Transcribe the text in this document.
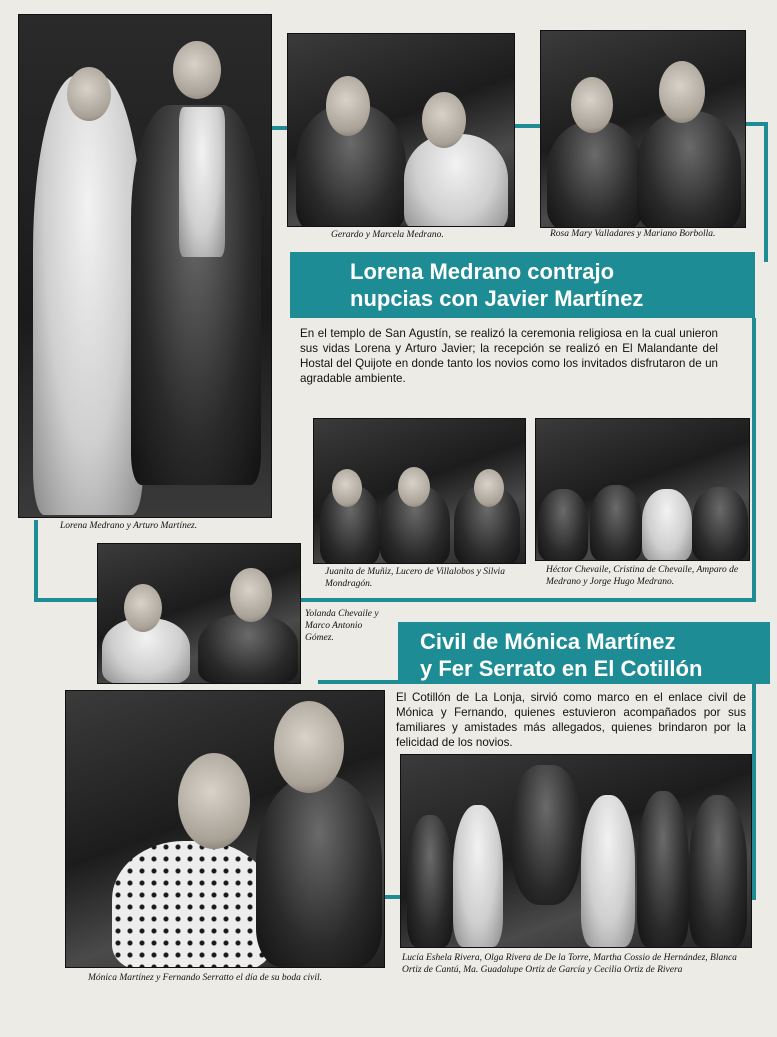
Lorena Medrano y Arturo Martínez.
Gerardo y Marcela Medrano.	Rosa Mary Valladares y Mariano Borbolla.
Lorena Medrano contrajo
nupcias con Javier Martínez
En el templo de San Agustín, se realizó la ceremonia religiosa en la cual unieron sus vidas Lorena y Arturo Javier; la recepción se realizó en El Malandante del Hostal del Quijote en donde tanto los novios como los invitados disfrutaron de un agradable ambiente.
Juanita de Muñiz, Lucero de Villalobos y Silvia Mondragón.
Héctor Chevaile, Cristina de Chevaile, Amparo de Medrano y Jorge Hugo Medrano.
Yolanda Chevaile y Marco Antonio Gómez.	Civil de Mónica Martínez
y Fer Serrato en El Cotillón
El Cotillón de La Lonja, sirvió como marco en el enlace civil de Mónica y Fernando, quienes estuvieron acompañados por sus familiares y amistades más allegados, quienes brindaron por la felicidad de los novios.
Mónica Martínez y Fernando Serratto el día de su boda civil.
Lucía Eshela Rivera, Olga Rivera de De la Torre, Martha Cossio de Hernández, Blanca Ortiz de Cantú, Ma. Guadalupe Ortiz de García y Cecilia Ortiz de Rivera
